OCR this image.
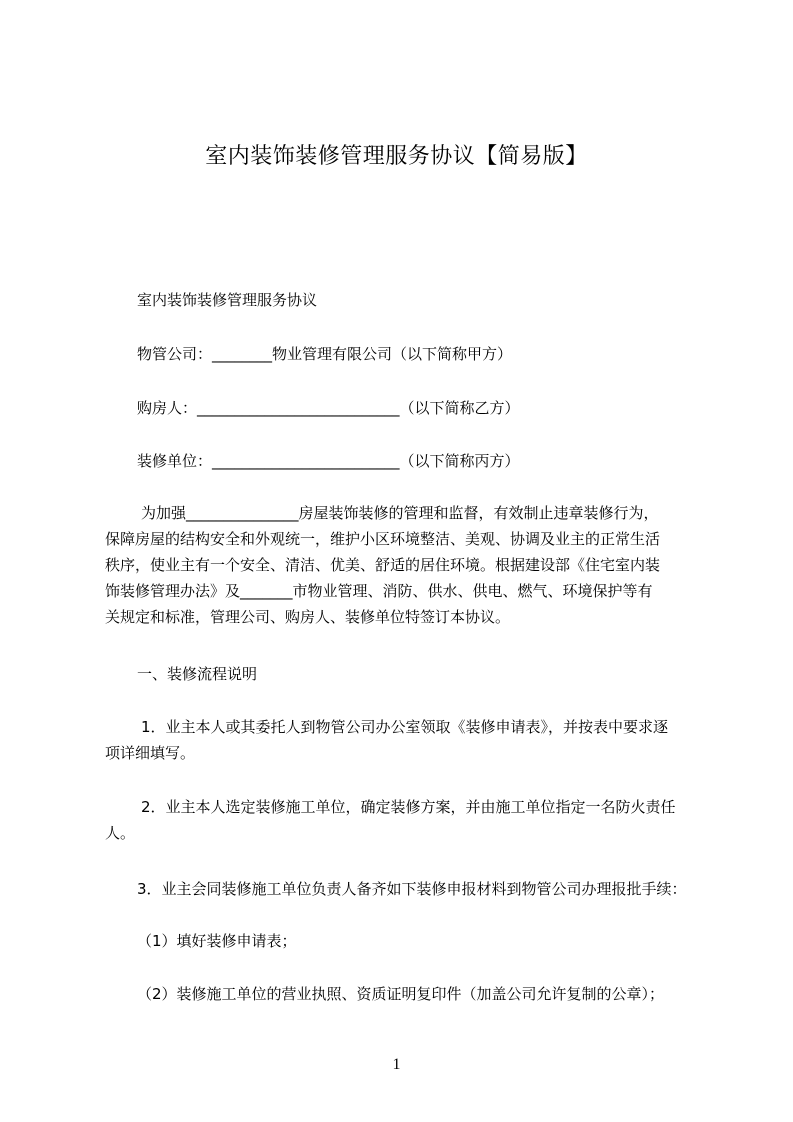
室内装饰装修管理服务协议【简易版】
室内装饰装修管理服务协议
物管公司：________物业管理有限公司（以下简称甲方）
购房人：___________________________（以下简称乙方）
装修单位：_________________________（以下简称丙方）
为加强_______________房屋装饰装修的管理和监督，有效制止违章装修行为，
保障房屋的结构安全和外观统一，维护小区环境整洁、美观、协调及业主的正常生活
秩序，使业主有一个安全、清洁、优美、舒适的居住环境。根据建设部《住宅室内装
饰装修管理办法》及_______市物业管理、消防、供水、供电、燃气、环境保护等有
关规定和标准，管理公司、购房人、装修单位特签订本协议。
一、装修流程说明
1．业主本人或其委托人到物管公司办公室领取《装修申请表》，并按表中要求逐
项详细填写。
2．业主本人选定装修施工单位，确定装修方案，并由施工单位指定一名防火责任
人。
3．业主会同装修施工单位负责人备齐如下装修申报材料到物管公司办理报批手续：
（1）填好装修申请表；
（2）装修施工单位的营业执照、资质证明复印件（加盖公司允许复制的公章）；
1
